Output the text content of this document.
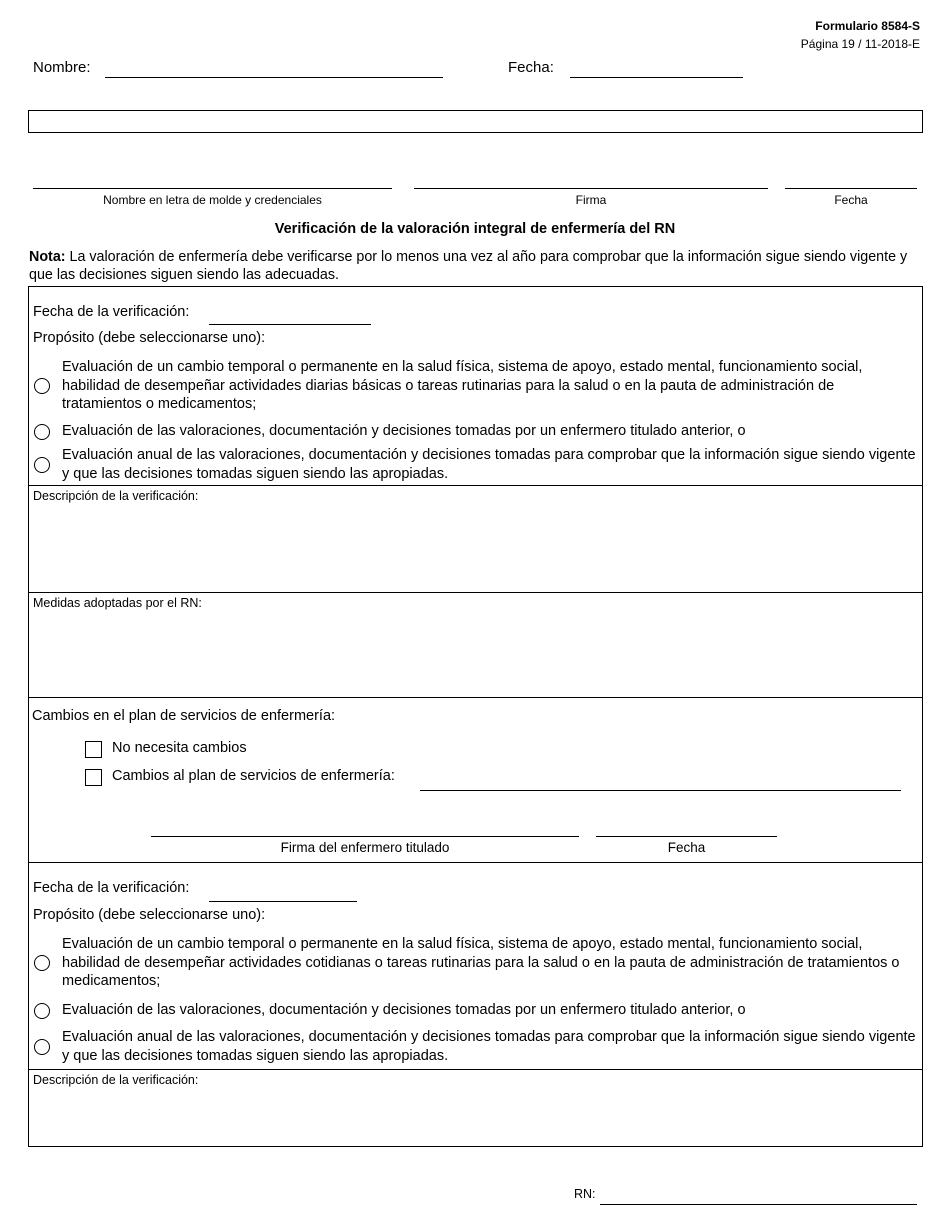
Formulario 8584-S
Página 19 / 11-2018-E
Nombre:	Fecha:
Nombre en letra de molde y credenciales	Firma	Fecha
Verificación de la valoración integral de enfermería del RN
Nota: La valoración de enfermería debe verificarse por lo menos una vez al año para comprobar que la información sigue siendo vigente y que las decisiones siguen siendo las adecuadas.
Fecha de la verificación:
Propósito (debe seleccionarse uno):
Evaluación de un cambio temporal o permanente en la salud física, sistema de apoyo, estado mental, funcionamiento social, habilidad de desempeñar actividades diarias básicas o tareas rutinarias para la salud o en la pauta de administración de tratamientos o medicamentos;
Evaluación de las valoraciones, documentación y decisiones tomadas por un enfermero titulado anterior, o
Evaluación anual de las valoraciones, documentación y decisiones tomadas para comprobar que la información sigue siendo vigente y que las decisiones tomadas siguen siendo las apropiadas.
Descripción de la verificación:
Medidas adoptadas por el RN:
Cambios en el plan de servicios de enfermería:
No necesita cambios
Cambios al plan de servicios de enfermería:
Firma del enfermero titulado	Fecha
Fecha de la verificación:
Propósito (debe seleccionarse uno):
Evaluación de un cambio temporal o permanente en la salud física, sistema de apoyo, estado mental, funcionamiento social, habilidad de desempeñar actividades cotidianas o tareas rutinarias para la salud o en la pauta de administración de tratamientos o medicamentos;
Evaluación de las valoraciones, documentación y decisiones tomadas por un enfermero titulado anterior, o
Evaluación anual de las valoraciones, documentación y decisiones tomadas para comprobar que la información sigue siendo vigente y que las decisiones tomadas siguen siendo las apropiadas.
Descripción de la verificación:
RN:
